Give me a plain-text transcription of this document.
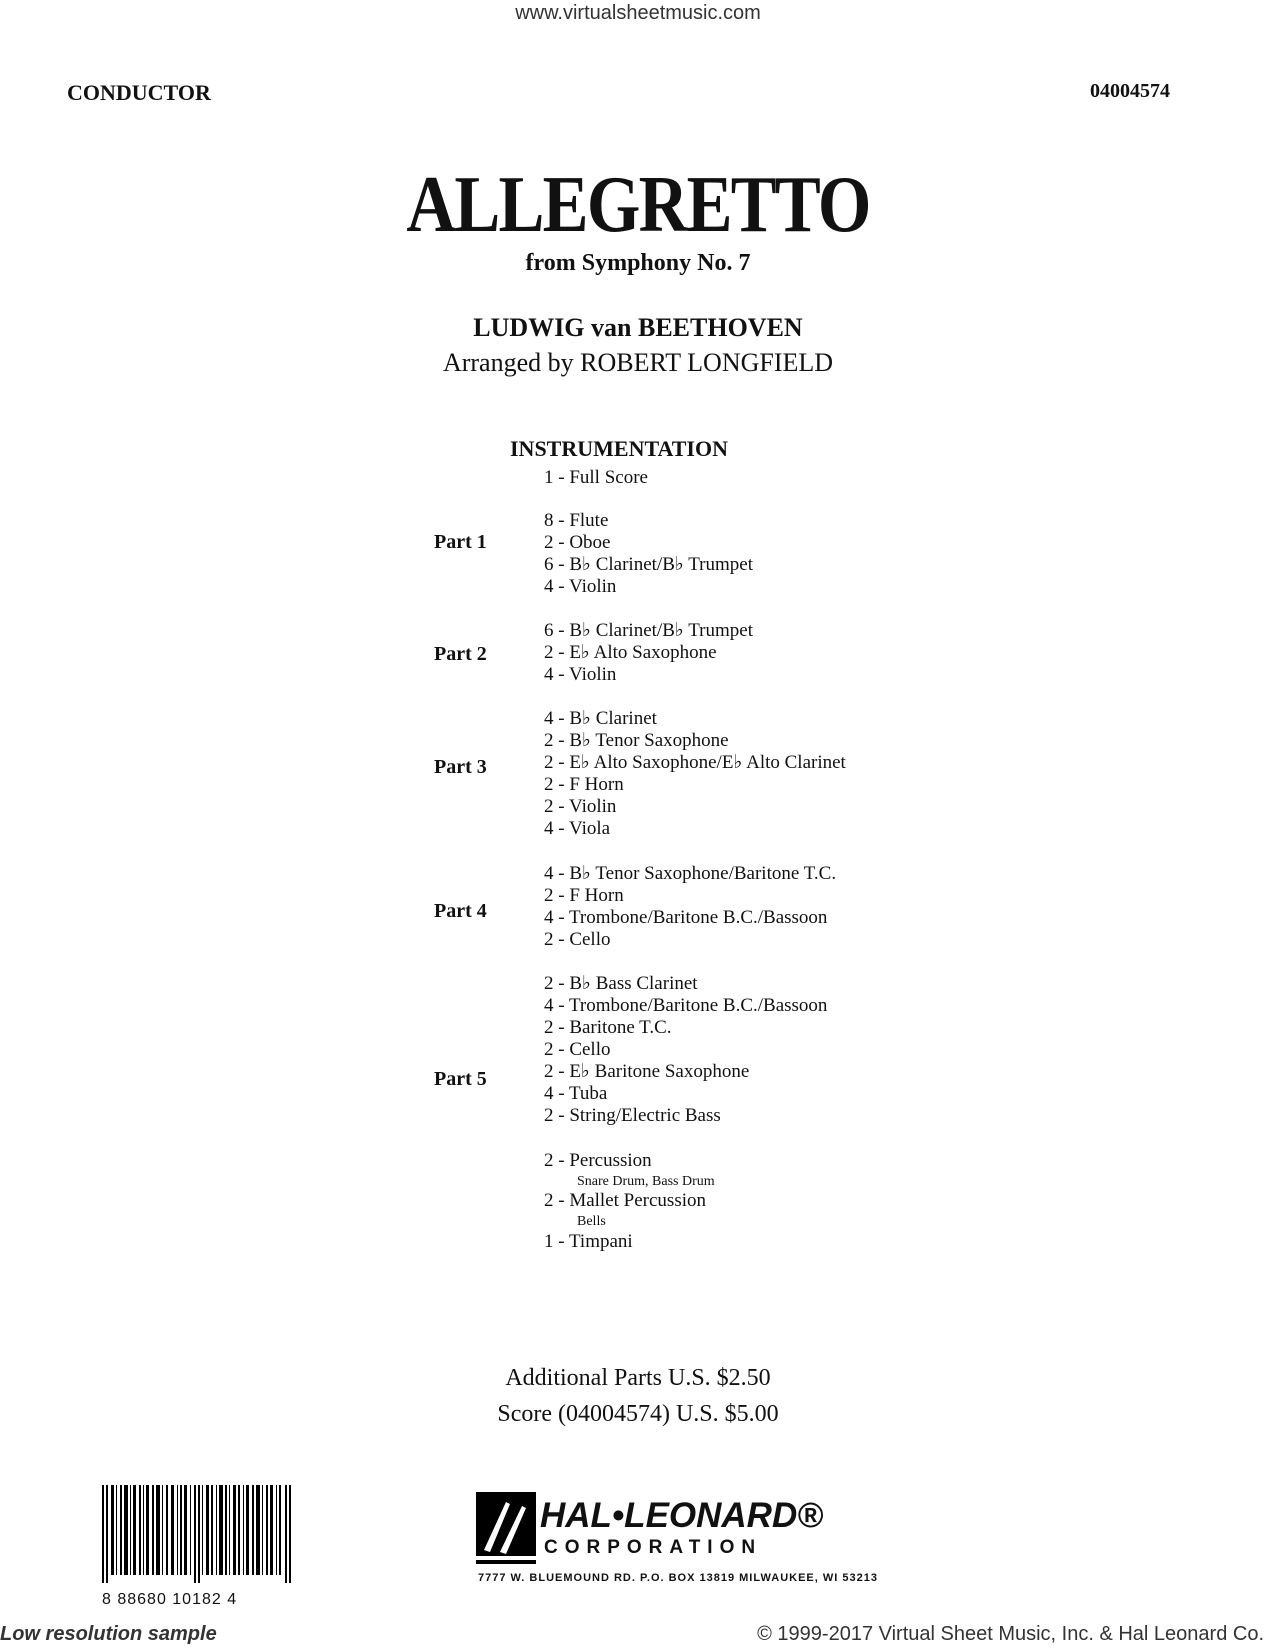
www.virtualsheetmusic.com
CONDUCTOR	04004574
ALLEGRETTO
from Symphony No. 7
LUDWIG van BEETHOVEN
Arranged by ROBERT LONGFIELD
INSTRUMENTATION
1 - Full Score
Part 1
8 - Flute
2 - Oboe
6 - B♭ Clarinet/B♭ Trumpet
4 - Violin
Part 2
6 - B♭ Clarinet/B♭ Trumpet
2 - E♭ Alto Saxophone
4 - Violin
Part 3
4 - B♭ Clarinet
2 - B♭ Tenor Saxophone
2 - E♭ Alto Saxophone/E♭ Alto Clarinet
2 - F Horn
2 - Violin
4 - Viola
Part 4
4 - B♭ Tenor Saxophone/Baritone T.C.
2 - F Horn
4 - Trombone/Baritone B.C./Bassoon
2 - Cello
Part 5
2 - B♭ Bass Clarinet
4 - Trombone/Baritone B.C./Bassoon
2 - Baritone T.C.
2 - Cello
2 - E♭ Baritone Saxophone
4 - Tuba
2 - String/Electric Bass
2 - Percussion
Snare Drum, Bass Drum
2 - Mallet Percussion
Bells
1 - Timpani
Additional Parts U.S. $2.50
Score (04004574) U.S. $5.00
8 88680 10182 4
HAL•LEONARD®
CORPORATION
7777 W. BLUEMOUND RD. P.O. BOX 13819 MILWAUKEE, WI 53213
Low resolution sample	© 1999-2017 Virtual Sheet Music, Inc. & Hal Leonard Co.
